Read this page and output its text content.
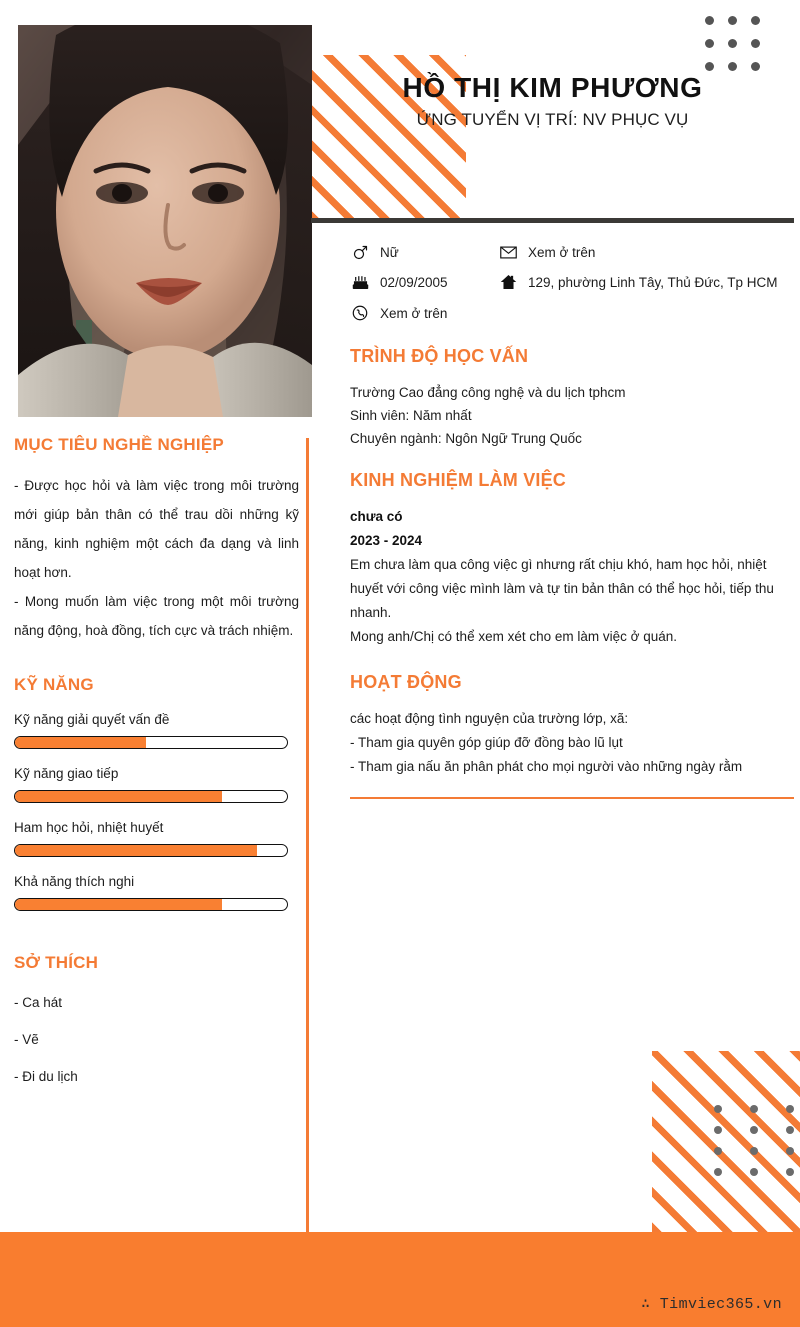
HỒ THỊ KIM PHƯƠNG
ỨNG TUYỂN VỊ TRÍ: NV PHỤC VỤ
MỤC TIÊU NGHỀ NGHIỆP
- Được học hỏi và làm việc trong môi trường mới giúp bản thân có thể trau dồi những kỹ năng, kinh nghiệm một cách đa dạng và linh hoạt hơn.
- Mong muốn làm việc trong một môi trường năng động, hoà đồng, tích cực và trách nhiệm.
KỸ NĂNG
Kỹ năng giải quyết vấn đề
Kỹ năng giao tiếp
Ham học hỏi, nhiệt huyết
Khả năng thích nghi
SỞ THÍCH
- Ca hát
- Vẽ
- Đi du lịch
Nữ	Xem ở trên
02/09/2005	129, phường Linh Tây, Thủ Đức, Tp HCM
Xem ở trên
TRÌNH ĐỘ HỌC VẤN
Trường Cao đẳng công nghệ và du lịch tphcm
Sinh viên: Năm nhất
Chuyên ngành: Ngôn Ngữ Trung Quốc
KINH NGHIỆM LÀM VIỆC
chưa có
2023 - 2024
Em chưa làm qua công việc gì nhưng rất chịu khó, ham học hỏi, nhiệt huyết với công việc mình làm và tự tin bản thân có thể học hỏi, tiếp thu nhanh.
Mong anh/Chị có thể xem xét cho em làm việc ở quán.
HOẠT ĐỘNG
các hoạt động tình nguyện của trường lớp, xã:
- Tham gia quyên góp giúp đỡ đồng bào lũ lụt
- Tham gia nấu ăn phân phát cho mọi người vào những ngày rằm
∴ Timviec365.vn
